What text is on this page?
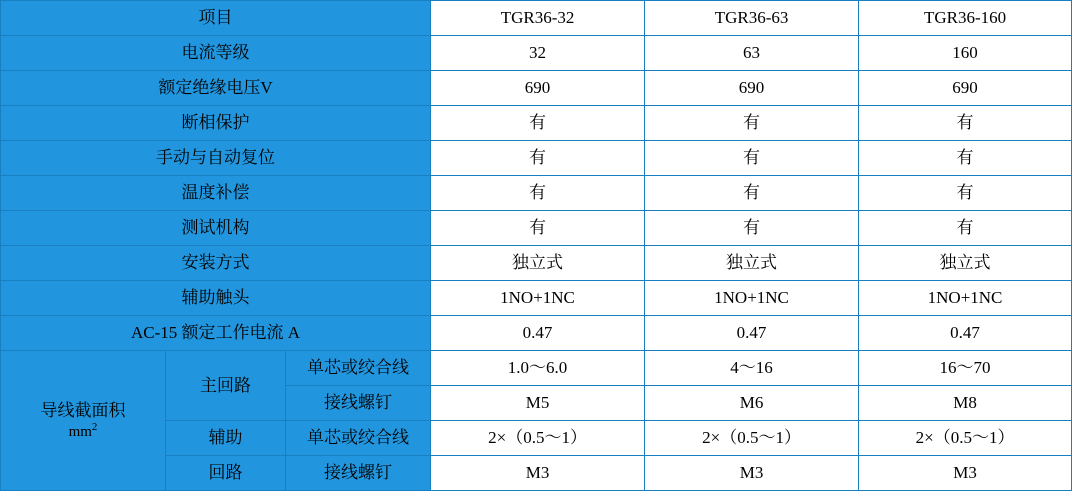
项目			TGR36-32	TGR36-63	TGR36-160
电流等级			32	63	160
额定绝缘电压V			690	690	690
断相保护			有	有	有
手动与自动复位			有	有	有
温度补偿			有	有	有
测试机构			有	有	有
安装方式			独立式	独立式	独立式
辅助触头			1NO+1NC	1NO+1NC	1NO+1NC
AC-15 额定工作电流 A			0.47	0.47	0.47

导线截面积
$mm^2$	主回路	单芯或绞合线	1.0～6.0	4～16	16～70
		接线螺钉	M5	M6	M8
	辅助	单芯或绞合线	2×（0.5～1）	2×（0.5～1）	2×（0.5～1）
	回路	接线螺钉	M3	M3	M3
